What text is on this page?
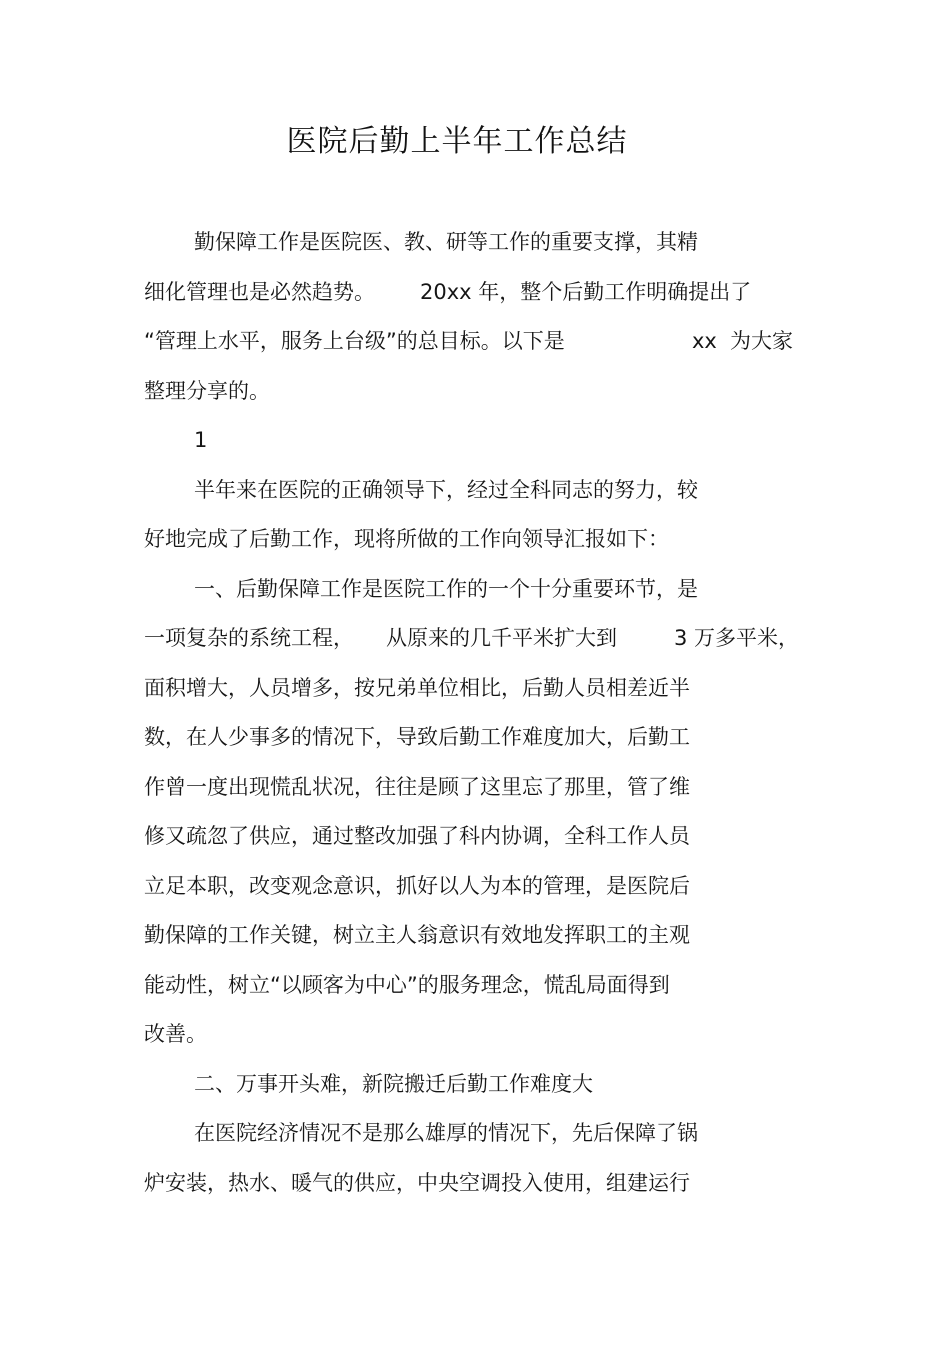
医院后勤上半年工作总结
勤保障工作是医院医、教、研等工作的重要支撑，其精
细化管理也是必然趋势。 20xx 年，整个后勤工作明确提出了
“管理上水平，服务上台级”的总目标。以下是	xx 为大家
整理分享的。
1
半年来在医院的正确领导下，经过全科同志的努力，较
好地完成了后勤工作，现将所做的工作向领导汇报如下：
一、后勤保障工作是医院工作的一个十分重要环节，是
一项复杂的系统工程， 从原来的几千平米扩大到	3 万多平米，
面积增大，人员增多，按兄弟单位相比，后勤人员相差近半
数，在人少事多的情况下，导致后勤工作难度加大，后勤工
作曾一度出现慌乱状况，往往是顾了这里忘了那里，管了维
修又疏忽了供应，通过整改加强了科内协调，全科工作人员
立足本职，改变观念意识，抓好以人为本的管理，是医院后
勤保障的工作关键，树立主人翁意识有效地发挥职工的主观
能动性，树立“以顾客为中心”的服务理念，慌乱局面得到
改善。
二、万事开头难，新院搬迁后勤工作难度大
在医院经济情况不是那么雄厚的情况下，先后保障了锅
炉安装，热水、暖气的供应，中央空调投入使用，组建运行
